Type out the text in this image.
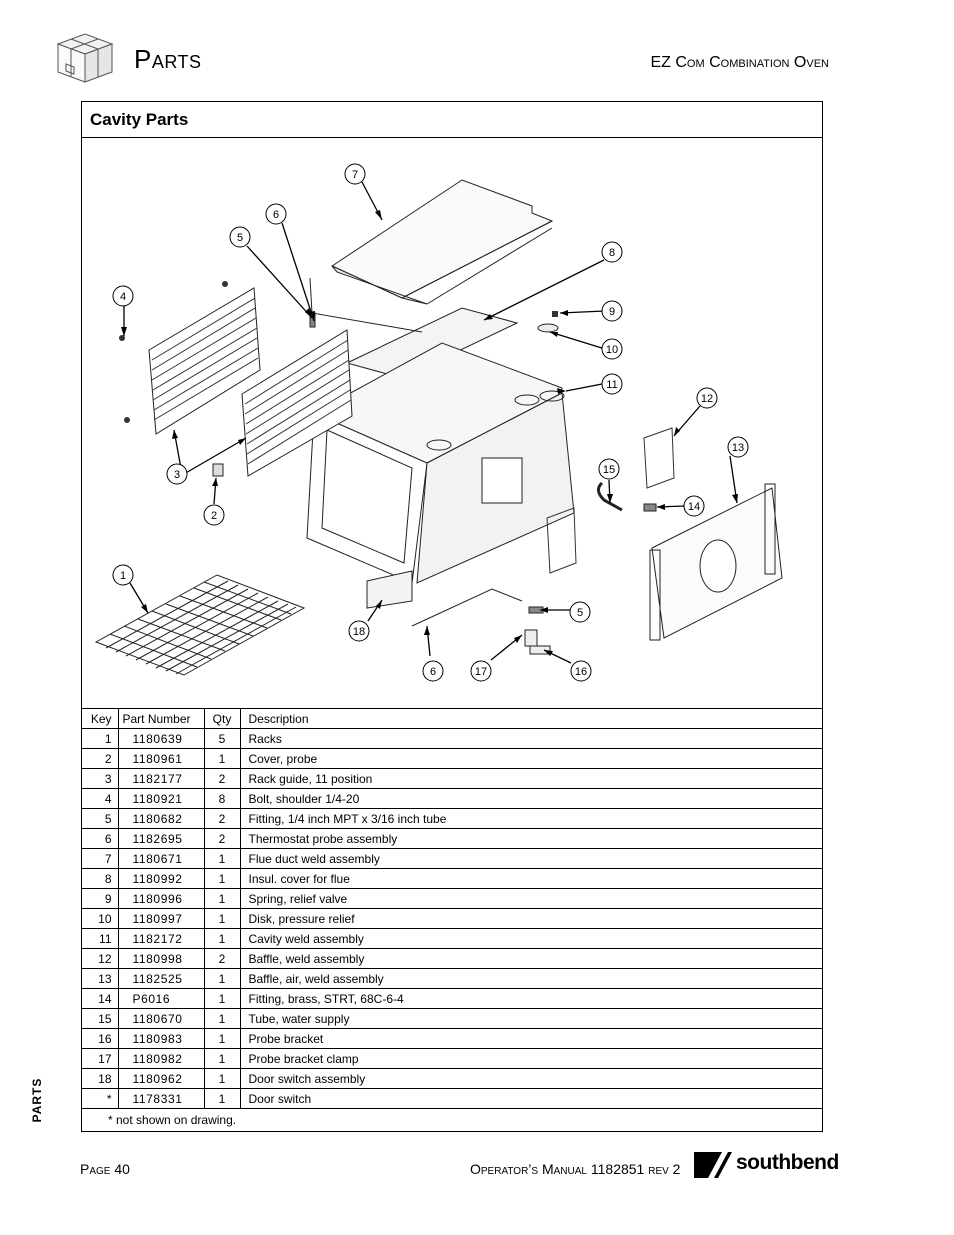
Parts	EZ Com Combination Oven
PARTS
Cavity Parts
7
6
5
4
8
9
10
11
12
13
15
14
3
2
1
18
5
6	17	16
Key	Part Number	Qty	Description
1	1180639	5	Racks
2	1180961	1	Cover, probe
3	1182177	2	Rack guide, 11 position
4	1180921	8	Bolt, shoulder 1/4-20
5	1180682	2	Fitting, 1/4 inch MPT x 3/16 inch tube
6	1182695	2	Thermostat probe assembly
7	1180671	1	Flue duct weld assembly
8	1180992	1	Insul. cover for flue
9	1180996	1	Spring, relief valve
10	1180997	1	Disk, pressure relief
11	1182172	1	Cavity weld assembly
12	1180998	2	Baffle, weld assembly
13	1182525	1	Baffle, air, weld assembly
14	P6016	1	Fitting, brass, STRT, 68C-6-4
15	1180670	1	Tube, water supply
16	1180983	1	Probe bracket
17	1180982	1	Probe bracket clamp
18	1180962	1	Door switch assembly
*	1178331	1	Door switch
* not shown on drawing.			
Page 40	Operator’s Manual 1182851 rev 2	southbend
